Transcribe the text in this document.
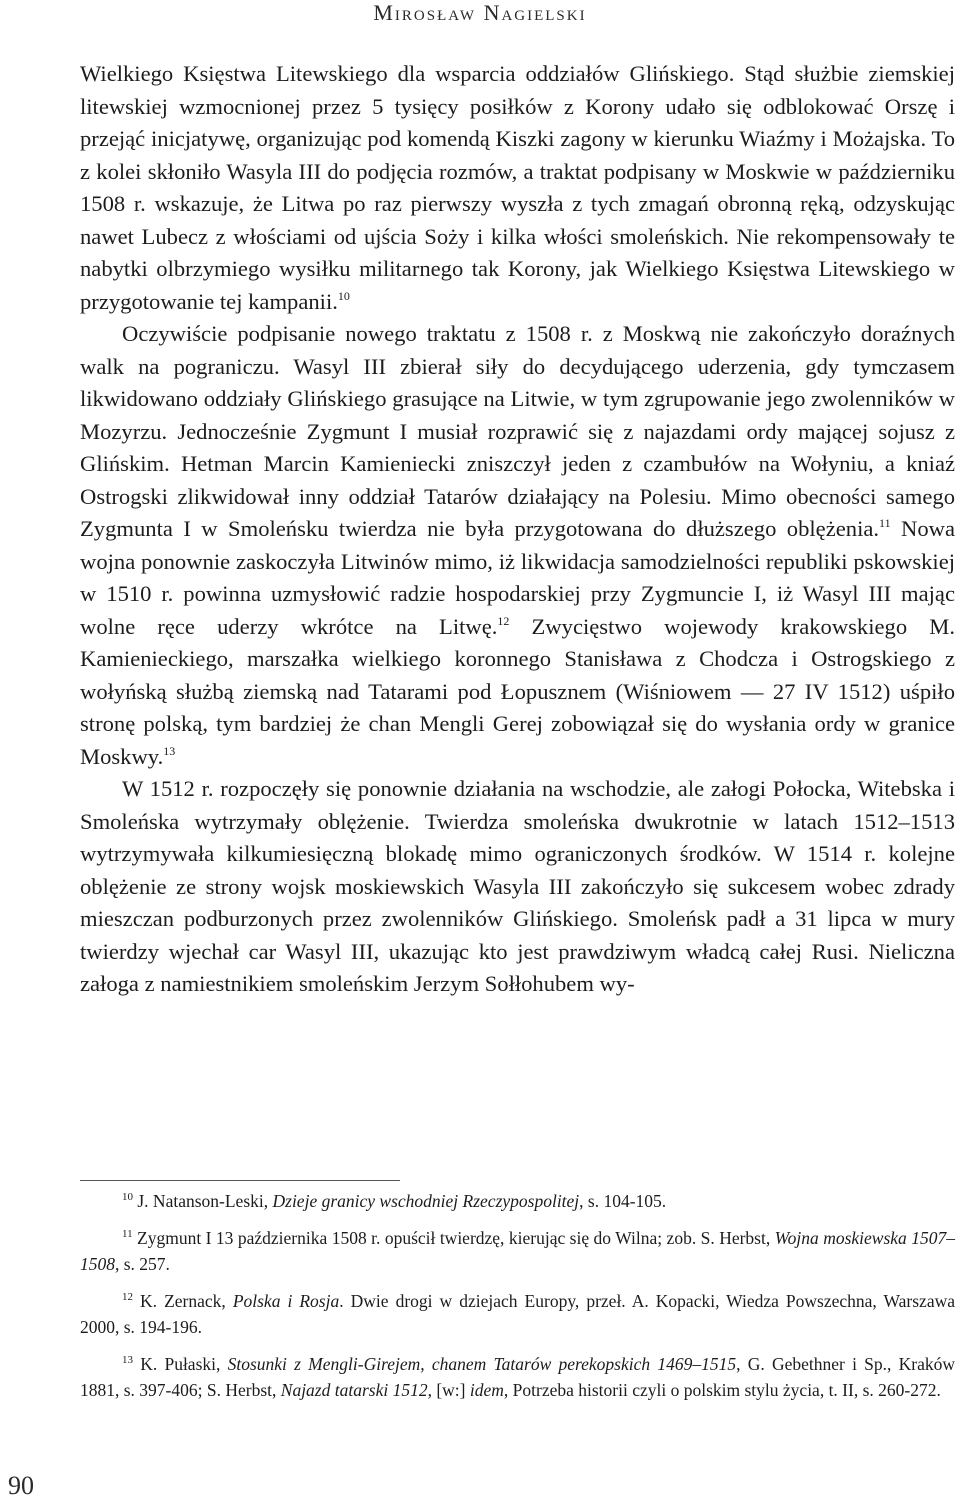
Mirosław Nagielski

Wielkiego Księstwa Litewskiego dla wsparcia oddziałów Glińskiego. Stąd służbie ziemskiej litewskiej wzmocnionej przez 5 tysięcy posiłków z Korony udało się odblokować Orszę i przejąć inicjatywę, organizując pod komendą Kiszki zagony w kierunku Wiaźmy i Możajska. To z kolei skłoniło Wasyla III do podjęcia rozmów, a traktat podpisany w Moskwie w październiku 1508 r. wskazuje, że Litwa po raz pierwszy wyszła z tych zmagań obronną ręką, odzyskując nawet Lubecz z włościami od ujścia Soży i kilka włości smoleńskich. Nie rekompensowały te nabytki olbrzymiego wysiłku militarnego tak Korony, jak Wielkiego Księstwa Litewskiego w przygotowanie tej kampanii.$^{10}$

Oczywiście podpisanie nowego traktatu z 1508 r. z Moskwą nie zakończyło doraźnych walk na pograniczu. Wasyl III zbierał siły do decydującego uderzenia, gdy tymczasem likwidowano oddziały Glińskiego grasujące na Litwie, w tym zgrupowanie jego zwolenników w Mozyrzu. Jednocześnie Zygmunt I musiał rozprawić się z najazdami ordy mającej sojusz z Glińskim. Hetman Marcin Kamieniecki zniszczył jeden z czambułów na Wołyniu, a kniaź Ostrogski zlikwidował inny oddział Tatarów działający na Polesiu. Mimo obecności samego Zygmunta I w Smoleńsku twierdza nie była przygotowana do dłuższego oblężenia.$^{11}$ Nowa wojna ponownie zaskoczyła Litwinów mimo, iż likwidacja samodzielności republiki pskowskiej w 1510 r. powinna uzmysłowić radzie hospodarskiej przy Zygmuncie I, iż Wasyl III mając wolne ręce uderzy wkrótce na Litwę.$^{12}$ Zwycięstwo wojewody krakowskiego M. Kamienieckiego, marszałka wielkiego koronnego Stanisława z Chodcza i Ostrogskiego z wołyńską służbą ziemską nad Tatarami pod Łopusznem (Wiśniowem — 27 IV 1512) uśpiło stronę polską, tym bardziej że chan Mengli Gerej zobowiązał się do wysłania ordy w granice Moskwy.$^{13}$

W 1512 r. rozpoczęły się ponownie działania na wschodzie, ale załogi Połocka, Witebska i Smoleńska wytrzymały oblężenie. Twierdza smoleńska dwukrotnie w latach 1512–1513 wytrzymywała kilkumiesięczną blokadę mimo ograniczonych środków. W 1514 r. kolejne oblężenie ze strony wojsk moskiewskich Wasyla III zakończyło się sukcesem wobec zdrady mieszczan podburzonych przez zwolenników Glińskiego. Smoleńsk padł a 31 lipca w mury twierdzy wjechał car Wasyl III, ukazując kto jest prawdziwym władcą całej Rusi. Nieliczna załoga z namiestnikiem smoleńskim Jerzym Sołłohubem wy-

$^{10}$ J. Natanson-Leski, Dzieje granicy wschodniej Rzeczypospolitej, s. 104-105.

$^{11}$ Zygmunt I 13 października 1508 r. opuścił twierdzę, kierując się do Wilna; zob. S. Herbst, Wojna moskiewska 1507–1508, s. 257.

$^{12}$ K. Zernack, Polska i Rosja. Dwie drogi w dziejach Europy, przeł. A. Kopacki, Wiedza Powszechna, Warszawa 2000, s. 194-196.

$^{13}$ K. Pułaski, Stosunki z Mengli-Girejem, chanem Tatarów perekopskich 1469–1515, G. Gebethner i Sp., Kraków 1881, s. 397-406; S. Herbst, Najazd tatarski 1512, [w:] idem, Potrzeba historii czyli o polskim stylu życia, t. II, s. 260-272.

90
